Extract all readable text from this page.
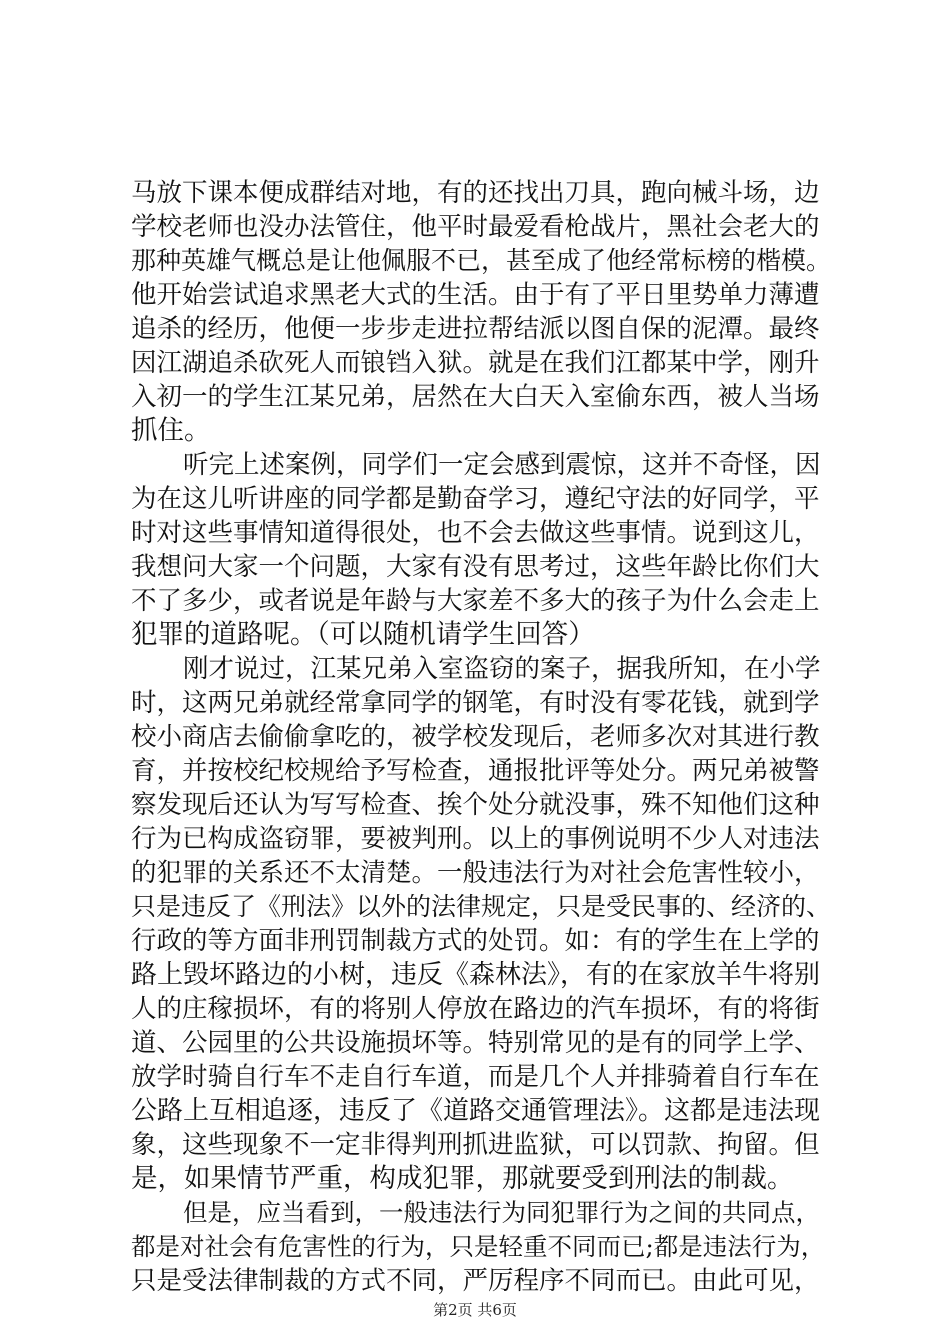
马放下课本便成群结对地，有的还找出刀具，跑向械斗场，边
学校老师也没办法管住，他平时最爱看枪战片，黑社会老大的
那种英雄气概总是让他佩服不已，甚至成了他经常标榜的楷模。
他开始尝试追求黑老大式的生活。由于有了平日里势单力薄遭
追杀的经历，他便一步步走进拉帮结派以图自保的泥潭。最终
因江湖追杀砍死人而锒铛入狱。就是在我们江都某中学，刚升
入初一的学生江某兄弟，居然在大白天入室偷东西，被人当场
抓住。
听完上述案例，同学们一定会感到震惊，这并不奇怪，因
为在这儿听讲座的同学都是勤奋学习，遵纪守法的好同学，平
时对这些事情知道得很处，也不会去做这些事情。说到这儿，
我想问大家一个问题，大家有没有思考过，这些年龄比你们大
不了多少，或者说是年龄与大家差不多大的孩子为什么会走上
犯罪的道路呢。（可以随机请学生回答）
刚才说过，江某兄弟入室盗窃的案子，据我所知，在小学
时，这两兄弟就经常拿同学的钢笔，有时没有零花钱，就到学
校小商店去偷偷拿吃的，被学校发现后，老师多次对其进行教
育，并按校纪校规给予写检查，通报批评等处分。两兄弟被警
察发现后还认为写写检查、挨个处分就没事，殊不知他们这种
行为已构成盗窃罪，要被判刑。以上的事例说明不少人对违法
的犯罪的关系还不太清楚。一般违法行为对社会危害性较小，
只是违反了《刑法》以外的法律规定，只是受民事的、经济的、
行政的等方面非刑罚制裁方式的处罚。如：有的学生在上学的
路上毁坏路边的小树，违反《森林法》，有的在家放羊牛将别
人的庄稼损坏，有的将别人停放在路边的汽车损坏，有的将街
道、公园里的公共设施损坏等。特别常见的是有的同学上学、
放学时骑自行车不走自行车道，而是几个人并排骑着自行车在
公路上互相追逐，违反了《道路交通管理法》。这都是违法现
象，这些现象不一定非得判刑抓进监狱，可以罚款、拘留。但
是，如果情节严重，构成犯罪，那就要受到刑法的制裁。
但是，应当看到，一般违法行为同犯罪行为之间的共同点，
都是对社会有危害性的行为，只是轻重不同而已;都是违法行为，
只是受法律制裁的方式不同，严厉程序不同而已。由此可见，
第2页 共6页
